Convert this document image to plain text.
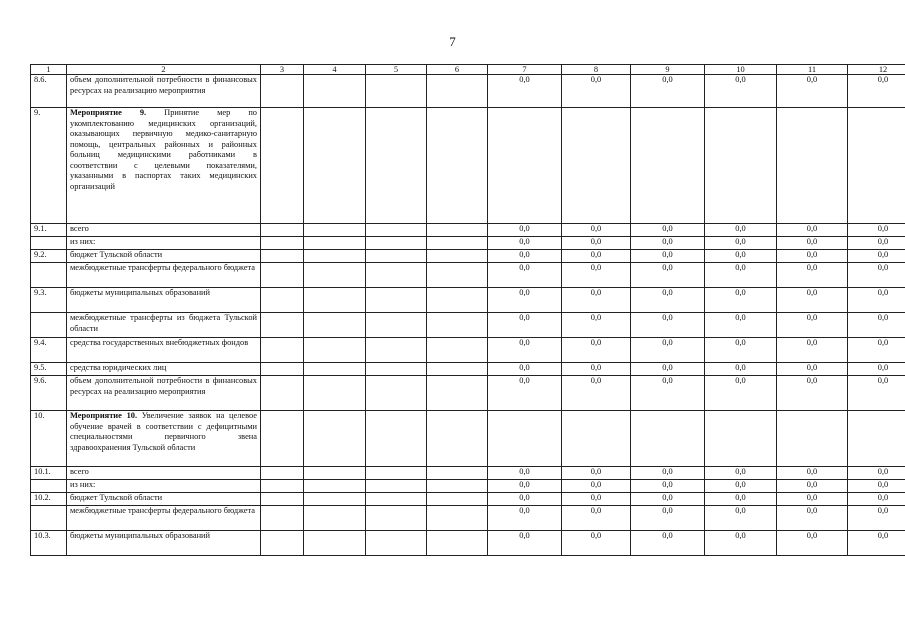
7
1	2	3	4	5	6	7	8	9	10	11	12
8.6.	объем дополнительной потребности в финансовых ресурсах на реализацию мероприятия					0,0	0,0	0,0	0,0	0,0	0,0
9.	Мероприятие 9. Принятие мер по укомплектованию медицинских организаций, оказывающих первичную медико-санитарную помощь, центральных районных и районных больниц медицинскими работниками в соответствии с целевыми показателями, указанными в паспортах таких медицинских организаций										
9.1.	всего					0,0	0,0	0,0	0,0	0,0	0,0
	из них:					0,0	0,0	0,0	0,0	0,0	0,0
9.2.	бюджет Тульской области					0,0	0,0	0,0	0,0	0,0	0,0
	межбюджетные трансферты федерального бюджета					0,0	0,0	0,0	0,0	0,0	0,0
9.3.	бюджеты муниципальных образований					0,0	0,0	0,0	0,0	0,0	0,0
	межбюджетные трансферты из бюджета Тульской области					0,0	0,0	0,0	0,0	0,0	0,0
9.4.	средства государственных внебюджетных фондов					0,0	0,0	0,0	0,0	0,0	0,0
9.5.	средства юридических лиц					0,0	0,0	0,0	0,0	0,0	0,0
9.6.	объем дополнительной потребности в финансовых ресурсах на реализацию мероприятия					0,0	0,0	0,0	0,0	0,0	0,0
10.	Мероприятие 10. Увеличение заявок на целевое обучение врачей в соответствии с дефицитными специальностями первичного звена здравоохранения Тульской области										
10.1.	всего					0,0	0,0	0,0	0,0	0,0	0,0
	из них:					0,0	0,0	0,0	0,0	0,0	0,0
10.2.	бюджет Тульской области					0,0	0,0	0,0	0,0	0,0	0,0
	межбюджетные трансферты федерального бюджета					0,0	0,0	0,0	0,0	0,0	0,0
10.3.	бюджеты муниципальных образований					0,0	0,0	0,0	0,0	0,0	0,0
